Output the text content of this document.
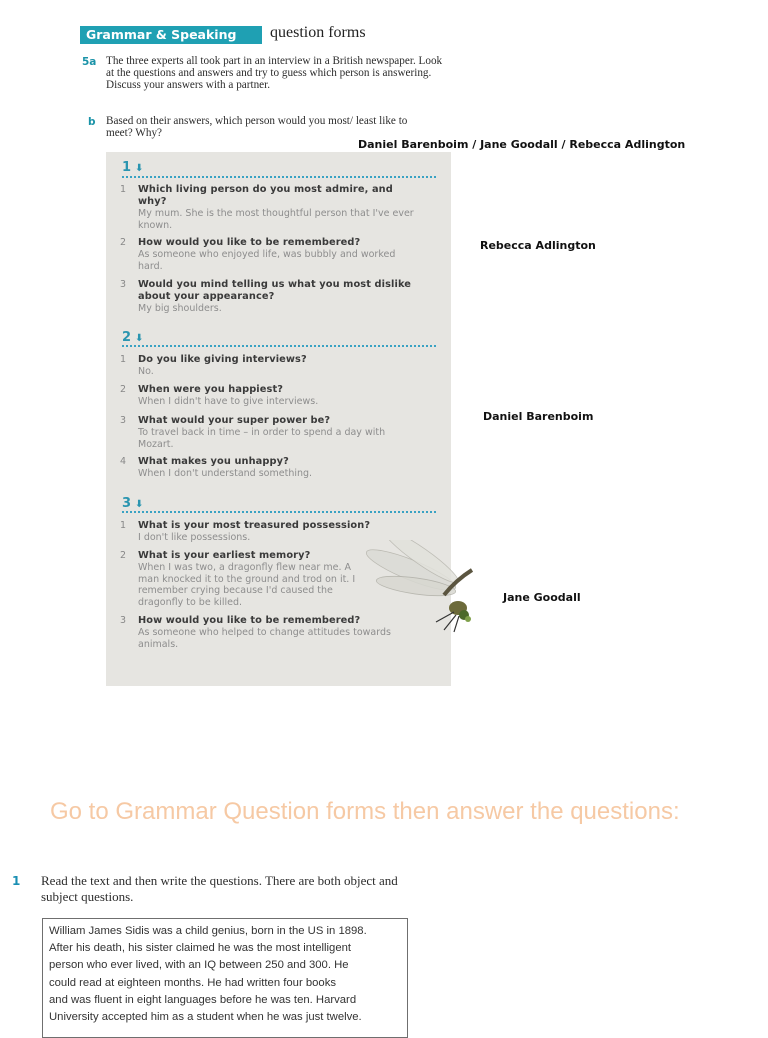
Grammar & Speaking	question forms
5a The three experts all took part in an interview in a British newspaper. Look at the questions and answers and try to guess which person is answering. Discuss your answers with a partner.
b Based on their answers, which person would you most/ least like to meet? Why?
1 ⬇
1	Which living person do you most admire, and why?
My mum. She is the most thoughtful person that I've ever known.
2	How would you like to be remembered?
As someone who enjoyed life, was bubbly and worked hard.
3	Would you mind telling us what you most dislike about your appearance?
My big shoulders.
2 ⬇
1	Do you like giving interviews?
No.
2	When were you happiest?
When I didn't have to give interviews.
3	What would your super power be?
To travel back in time – in order to spend a day with Mozart.
4	What makes you unhappy?
When I don't understand something.
3 ⬇
1	What is your most treasured possession?
I don't like possessions.
2	What is your earliest memory?
When I was two, a dragonfly flew near me. A man knocked it to the ground and trod on it. I remember crying because I'd caused the dragonfly to be killed.
3	How would you like to be remembered?
As someone who helped to change attitudes towards animals.
Daniel Barenboim / Jane Goodall / Rebecca Adlington
Rebecca Adlington
Daniel Barenboim
Jane Goodall
Go to Grammar Question forms then answer the questions:
1 Read the text and then write the questions. There are both object and subject questions.
William James Sidis was a child genius, born in the US in 1898.
After his death, his sister claimed he was the most intelligent
person who ever lived, with an IQ between 250 and 300. He
could read at eighteen months. He had written four books
and was fluent in eight languages before he was ten. Harvard
University accepted him as a student when he was just twelve.
